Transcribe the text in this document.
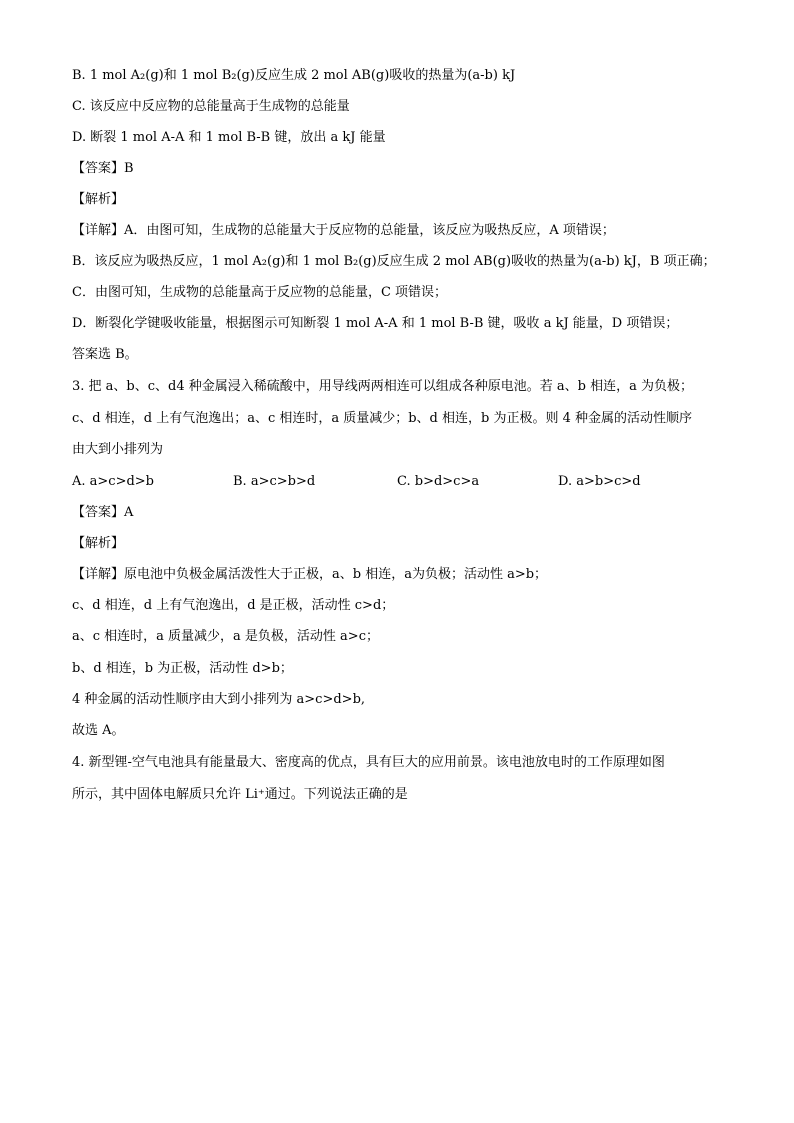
B. 1 mol A₂(g)和 1 mol B₂(g)反应生成 2 mol AB(g)吸收的热量为(a-b) kJ
C. 该反应中反应物的总能量高于生成物的总能量
D. 断裂 1 mol A-A 和 1 mol B-B 键，放出 a kJ 能量
【答案】B
【解析】
【详解】A．由图可知，生成物的总能量大于反应物的总能量，该反应为吸热反应，A 项错误；
B．该反应为吸热反应，1 mol A₂(g)和 1 mol B₂(g)反应生成 2 mol AB(g)吸收的热量为(a-b) kJ，B 项正确；
C．由图可知，生成物的总能量高于反应物的总能量，C 项错误；
D．断裂化学键吸收能量，根据图示可知断裂 1 mol A-A 和 1 mol B-B 键，吸收 a kJ 能量，D 项错误；
答案选 B。
3. 把 a、b、c、d4 种金属浸入稀硫酸中，用导线两两相连可以组成各种原电池。若 a、b 相连，a 为负极；
c、d 相连，d 上有气泡逸出；a、c 相连时，a 质量减少；b、d 相连，b 为正极。则 4 种金属的活动性顺序
由大到小排列为
A. a>c>d>b	B. a>c>b>d	C. b>d>c>a	D. a>b>c>d
【答案】A
【解析】
【详解】原电池中负极金属活泼性大于正极，a、b 相连，a为负极；活动性 a>b；
c、d 相连，d 上有气泡逸出，d 是正极，活动性 c>d；
a、c 相连时，a 质量减少，a 是负极，活动性 a>c；
b、d 相连，b 为正极，活动性 d>b；
4 种金属的活动性顺序由大到小排列为 a>c>d>b,
故选 A。
4. 新型锂-空气电池具有能量最大、密度高的优点，具有巨大的应用前景。该电池放电时的工作原理如图
所示，其中固体电解质只允许 Li⁺通过。下列说法正确的是
